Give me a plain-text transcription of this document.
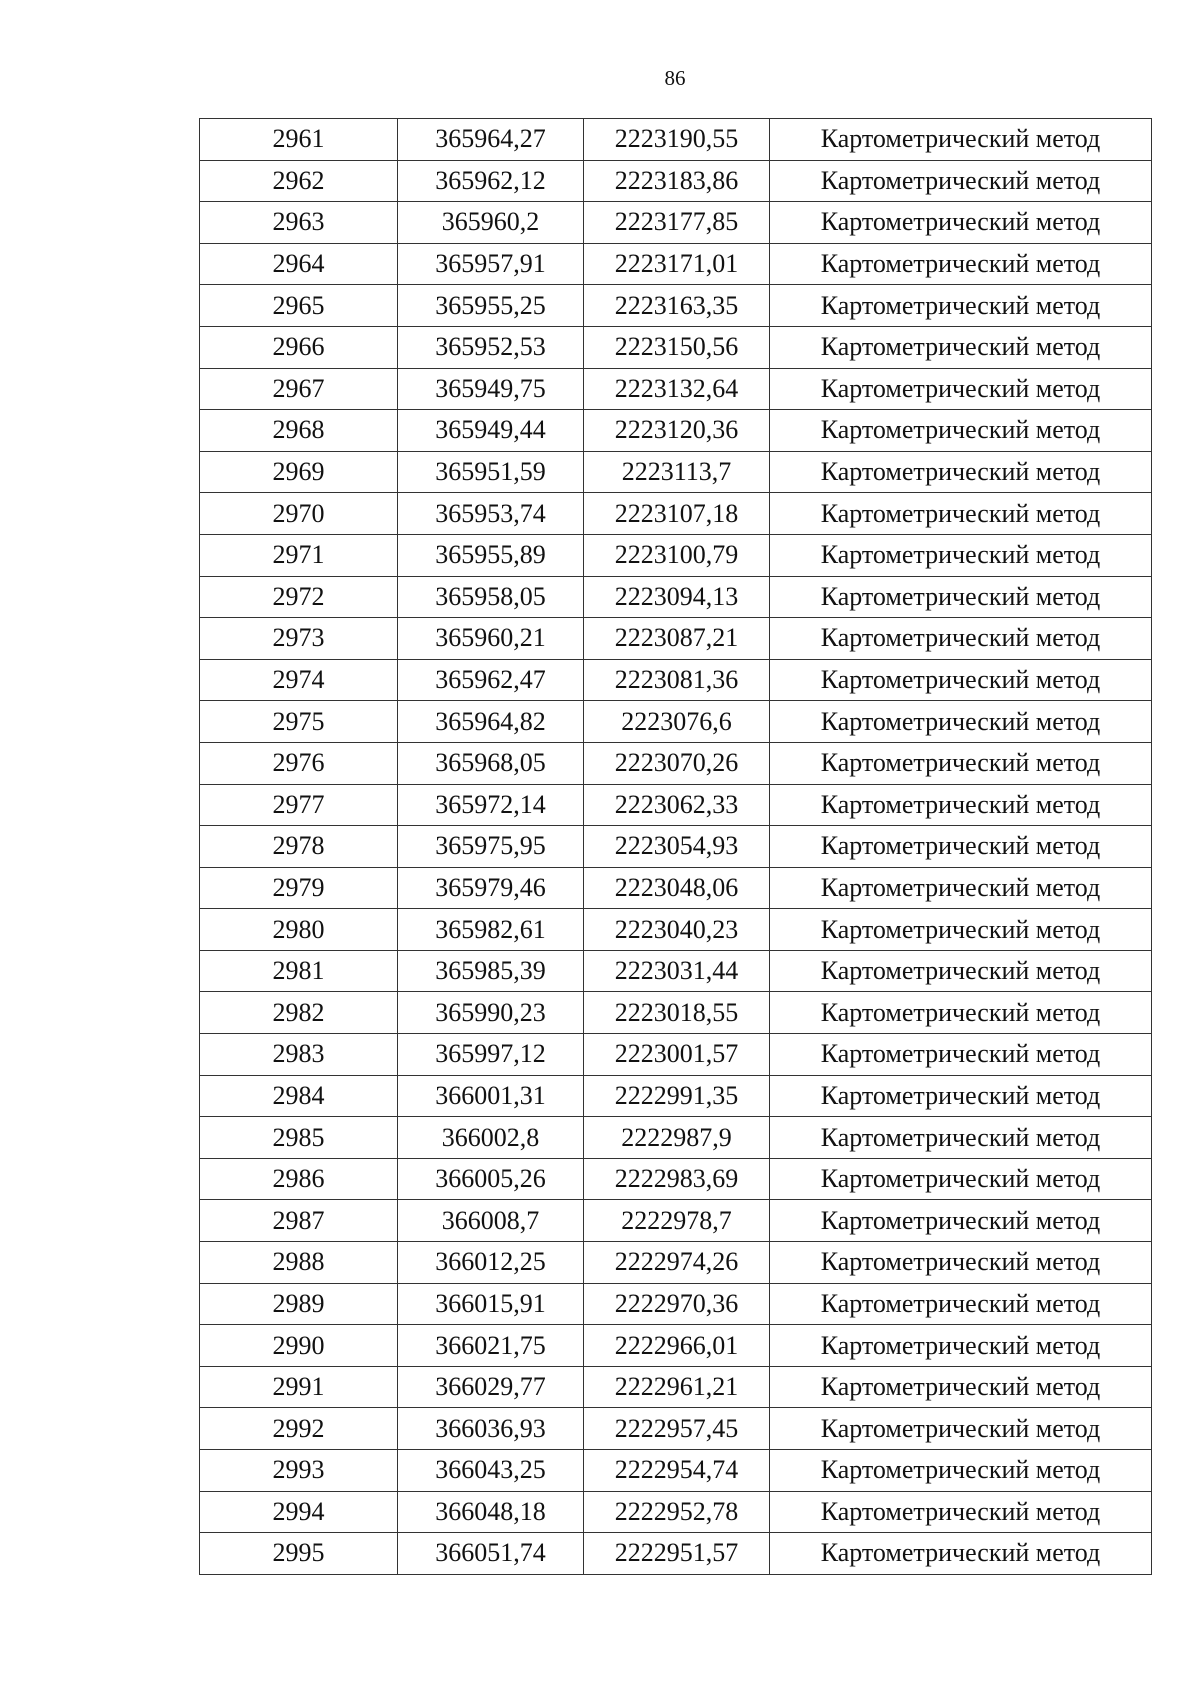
86
2961	365964,27	2223190,55	Картометрический метод
2962	365962,12	2223183,86	Картометрический метод
2963	365960,2	2223177,85	Картометрический метод
2964	365957,91	2223171,01	Картометрический метод
2965	365955,25	2223163,35	Картометрический метод
2966	365952,53	2223150,56	Картометрический метод
2967	365949,75	2223132,64	Картометрический метод
2968	365949,44	2223120,36	Картометрический метод
2969	365951,59	2223113,7	Картометрический метод
2970	365953,74	2223107,18	Картометрический метод
2971	365955,89	2223100,79	Картометрический метод
2972	365958,05	2223094,13	Картометрический метод
2973	365960,21	2223087,21	Картометрический метод
2974	365962,47	2223081,36	Картометрический метод
2975	365964,82	2223076,6	Картометрический метод
2976	365968,05	2223070,26	Картометрический метод
2977	365972,14	2223062,33	Картометрический метод
2978	365975,95	2223054,93	Картометрический метод
2979	365979,46	2223048,06	Картометрический метод
2980	365982,61	2223040,23	Картометрический метод
2981	365985,39	2223031,44	Картометрический метод
2982	365990,23	2223018,55	Картометрический метод
2983	365997,12	2223001,57	Картометрический метод
2984	366001,31	2222991,35	Картометрический метод
2985	366002,8	2222987,9	Картометрический метод
2986	366005,26	2222983,69	Картометрический метод
2987	366008,7	2222978,7	Картометрический метод
2988	366012,25	2222974,26	Картометрический метод
2989	366015,91	2222970,36	Картометрический метод
2990	366021,75	2222966,01	Картометрический метод
2991	366029,77	2222961,21	Картометрический метод
2992	366036,93	2222957,45	Картометрический метод
2993	366043,25	2222954,74	Картометрический метод
2994	366048,18	2222952,78	Картометрический метод
2995	366051,74	2222951,57	Картометрический метод
